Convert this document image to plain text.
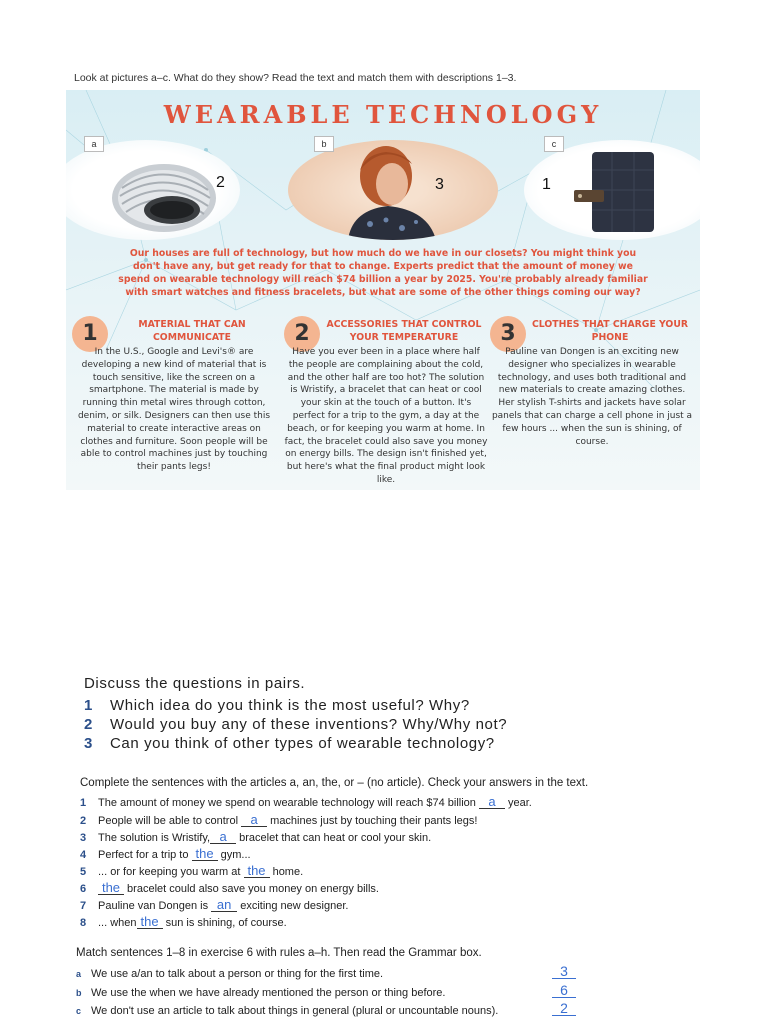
Look at pictures a–c. What do they show? Read the text and match them with descriptions 1–3.
WEARABLE TECHNOLOGY
a
2
b
3
c
1
Our houses are full of technology, but how much do we have in our closets? You might think you don't have any, but get ready for that to change. Experts predict that the amount of money we spend on wearable technology will reach $74 billion a year by 2025. You're probably already familiar with smart watches and fitness bracelets, but what are some of the other things coming our way?
1	MATERIAL THAT CAN COMMUNICATE
In the U.S., Google and Levi's® are developing a new kind of material that is touch sensitive, like the screen on a smartphone. The material is made by running thin metal wires through cotton, denim, or silk. Designers can then use this material to create interactive areas on clothes and furniture. Soon people will be able to control machines just by touching their pants legs!
2	ACCESSORIES THAT CONTROL YOUR TEMPERATURE
Have you ever been in a place where half the people are complaining about the cold, and the other half are too hot? The solution is Wristify, a bracelet that can heat or cool your skin at the touch of a button. It's perfect for a trip to the gym, a day at the beach, or for keeping you warm at home. In fact, the bracelet could also save you money on energy bills. The design isn't finished yet, but here's what the final product might look like.
3	CLOTHES THAT CHARGE YOUR PHONE
Pauline van Dongen is an exciting new designer who specializes in wearable technology, and uses both traditional and new materials to create amazing clothes. Her stylish T-shirts and jackets have solar panels that can charge a cell phone in just a few hours ... when the sun is shining, of course.
Discuss the questions in pairs.
1 Which idea do you think is the most useful? Why?
2 Would you buy any of these inventions? Why/Why not?
3 Can you think of other types of wearable technology?
Complete the sentences with the articles a, an, the, or – (no article). Check your answers in the text.
1 The amount of money we spend on wearable technology will reach $74 billion a year.
2 People will be able to control a machines just by touching their pants legs!
3 The solution is Wristify, a bracelet that can heat or cool your skin.
4 Perfect for a trip to the gym...
5 ... or for keeping you warm at the home.
6 the bracelet could also save you money on energy bills.
7 Pauline van Dongen is an exciting new designer.
8 ... when the sun is shining, of course.
Match sentences 1–8 in exercise 6 with rules a–h. Then read the Grammar box.
a We use a/an to talk about a person or thing for the first time.	3
b We use the when we have already mentioned the person or thing before.	6
c We don't use an article to talk about things in general (plural or uncountable nouns).	2
